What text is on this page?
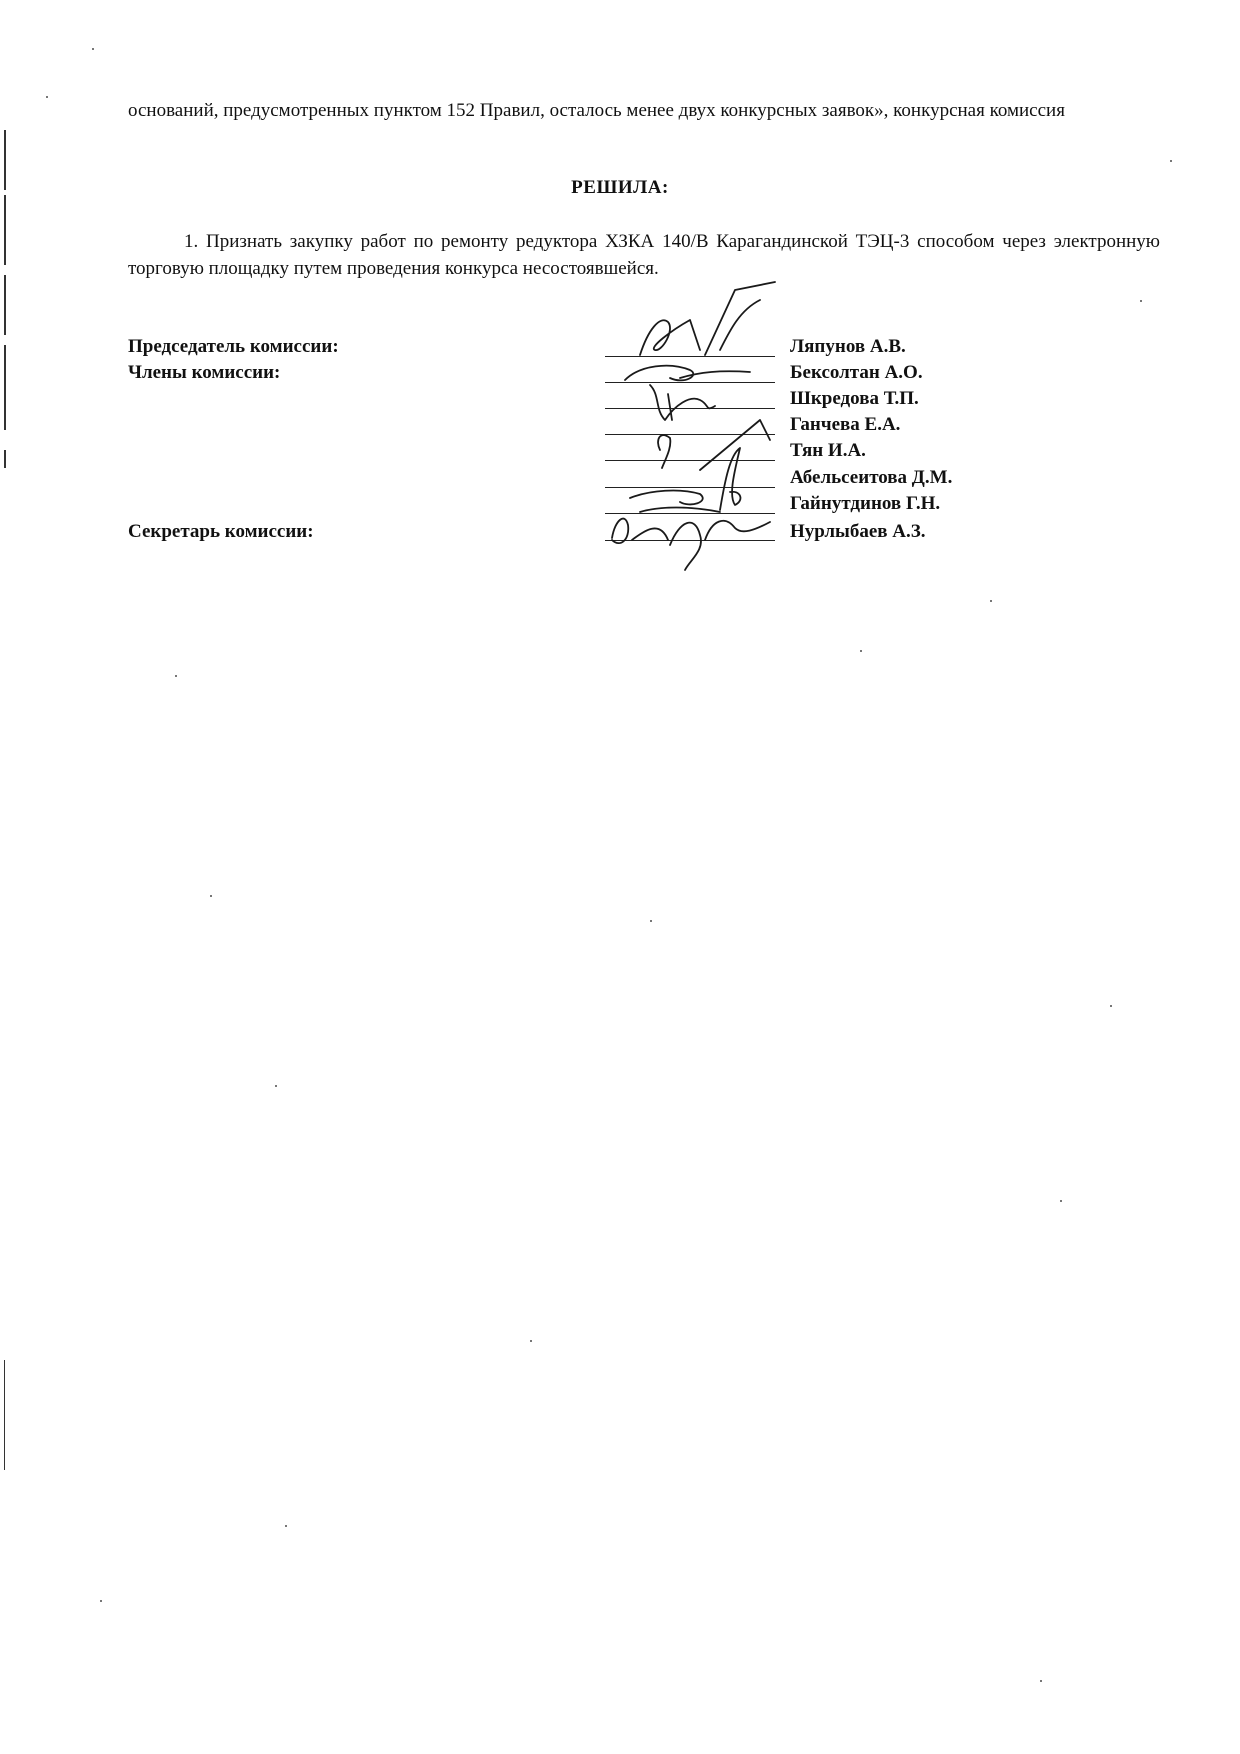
оснований, предусмотренных пунктом 152 Правил, осталось менее двух конкурсных заявок», конкурсная комиссия

РЕШИЛА:

1. Признать закупку работ по ремонту редуктора ХЗКА 140/В Карагандинской ТЭЦ-3 способом через электронную торговую площадку путем проведения конкурса несостоявшейся.

Председатель комиссии:
Члены комиссии:
Секретарь комиссии:
Ляпунов А.В.
Бексолтан А.О.
Шкредова Т.П.
Ганчева Е.А.
Тян И.А.
Абельсеитова Д.М.
Гайнутдинов Г.Н.
Нурлыбаев А.З.
